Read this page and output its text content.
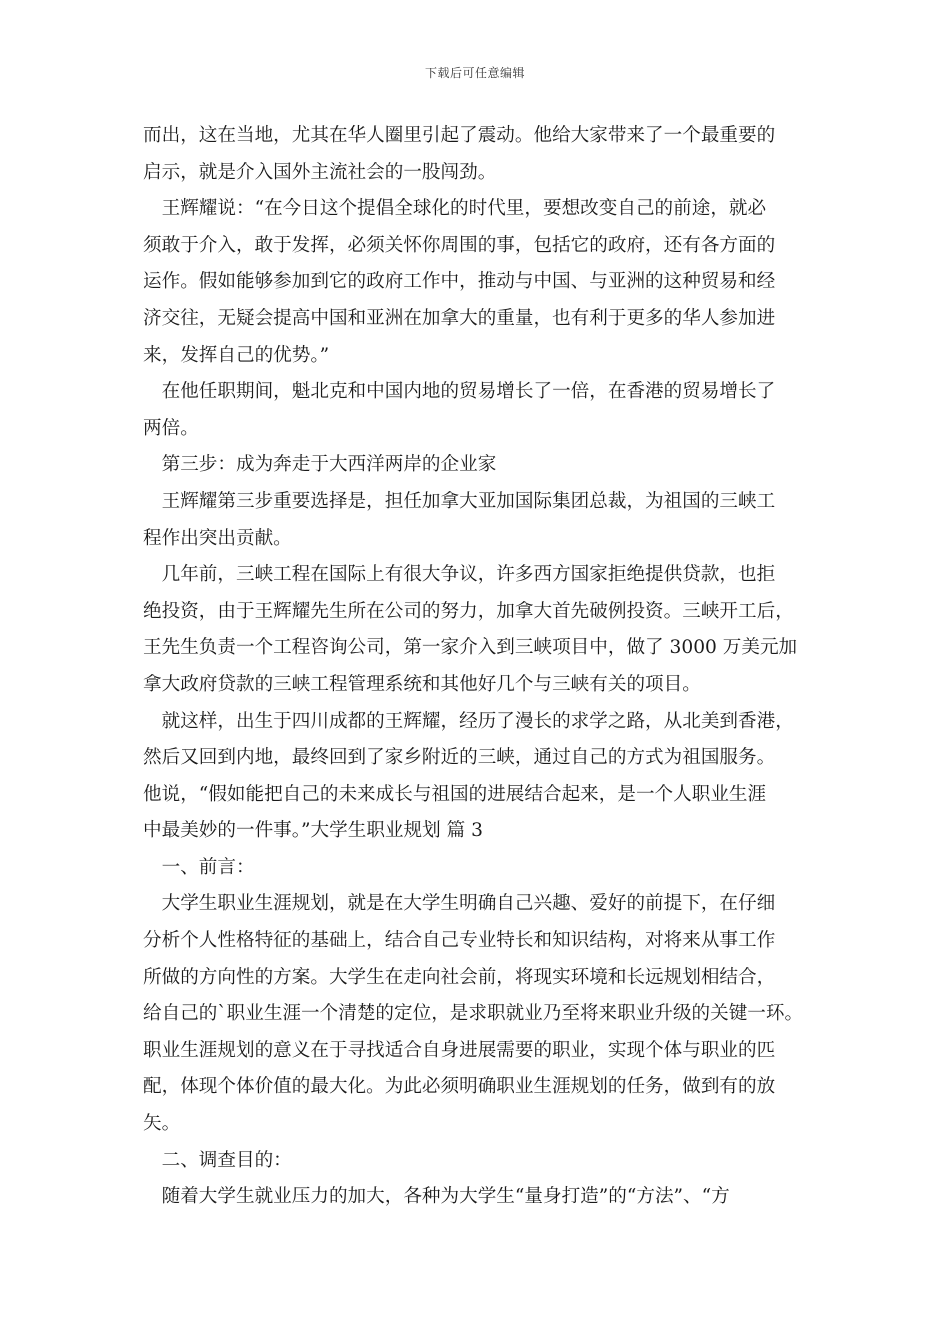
下载后可任意编辑
而出，这在当地，尤其在华人圈里引起了震动。他给大家带来了一个最重要的
启示，就是介入国外主流社会的一股闯劲。
　王辉耀说：“在今日这个提倡全球化的时代里，要想改变自己的前途，就必
须敢于介入，敢于发挥，必须关怀你周围的事，包括它的政府，还有各方面的
运作。假如能够参加到它的政府工作中，推动与中国、与亚洲的这种贸易和经
济交往，无疑会提高中国和亚洲在加拿大的重量，也有利于更多的华人参加进
来，发挥自己的优势。”
　在他任职期间，魁北克和中国内地的贸易增长了一倍，在香港的贸易增长了
两倍。
　第三步：成为奔走于大西洋两岸的企业家
　王辉耀第三步重要选择是，担任加拿大亚加国际集团总裁，为祖国的三峡工
程作出突出贡献。
　几年前，三峡工程在国际上有很大争议，许多西方国家拒绝提供贷款，也拒
绝投资，由于王辉耀先生所在公司的努力，加拿大首先破例投资。三峡开工后，
王先生负责一个工程咨询公司，第一家介入到三峡项目中，做了 3000 万美元加
拿大政府贷款的三峡工程管理系统和其他好几个与三峡有关的项目。
　就这样，出生于四川成都的王辉耀，经历了漫长的求学之路，从北美到香港，
然后又回到内地，最终回到了家乡附近的三峡，通过自己的方式为祖国服务。
他说，“假如能把自己的未来成长与祖国的进展结合起来，是一个人职业生涯
中最美妙的一件事。”大学生职业规划 篇 3
　一、前言：
　大学生职业生涯规划，就是在大学生明确自己兴趣、爱好的前提下，在仔细
分析个人性格特征的基础上，结合自己专业特长和知识结构，对将来从事工作
所做的方向性的方案。大学生在走向社会前，将现实环境和长远规划相结合，
给自己的`职业生涯一个清楚的定位，是求职就业乃至将来职业升级的关键一环。
职业生涯规划的意义在于寻找适合自身进展需要的职业，实现个体与职业的匹
配，体现个体价值的最大化。为此必须明确职业生涯规划的任务，做到有的放
矢。
　二、调查目的：
　随着大学生就业压力的加大，各种为大学生“量身打造”的“方法”、“方
